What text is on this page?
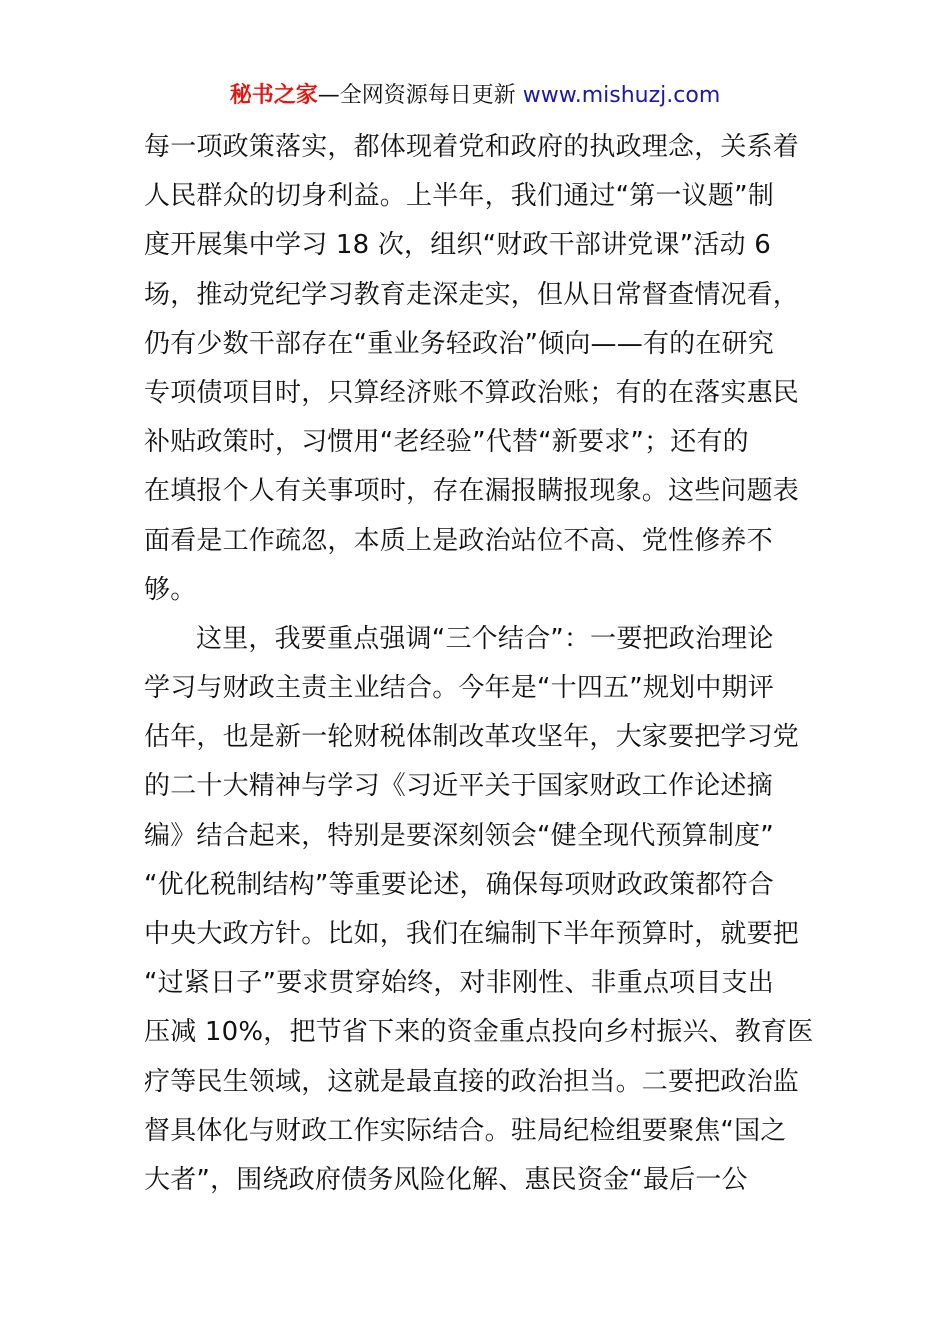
秘书之家—全网资源每日更新 www.mishuzj.com
每一项政策落实，都体现着党和政府的执政理念，关系着
人民群众的切身利益。上半年，我们通过“第一议题”制
度开展集中学习 18 次，组织“财政干部讲党课”活动 6
场，推动党纪学习教育走深走实，但从日常督查情况看，
仍有少数干部存在“重业务轻政治”倾向——有的在研究
专项债项目时，只算经济账不算政治账；有的在落实惠民
补贴政策时，习惯用“老经验”代替“新要求”；还有的
在填报个人有关事项时，存在漏报瞒报现象。这些问题表
面看是工作疏忽，本质上是政治站位不高、党性修养不
够。
这里，我要重点强调“三个结合”：一要把政治理论
学习与财政主责主业结合。今年是“十四五”规划中期评
估年，也是新一轮财税体制改革攻坚年，大家要把学习党
的二十大精神与学习《习近平关于国家财政工作论述摘
编》结合起来，特别是要深刻领会“健全现代预算制度”
“优化税制结构”等重要论述，确保每项财政政策都符合
中央大政方针。比如，我们在编制下半年预算时，就要把
“过紧日子”要求贯穿始终，对非刚性、非重点项目支出
压减 10%，把节省下来的资金重点投向乡村振兴、教育医
疗等民生领域，这就是最直接的政治担当。二要把政治监
督具体化与财政工作实际结合。驻局纪检组要聚焦“国之
大者”，围绕政府债务风险化解、惠民资金“最后一公
